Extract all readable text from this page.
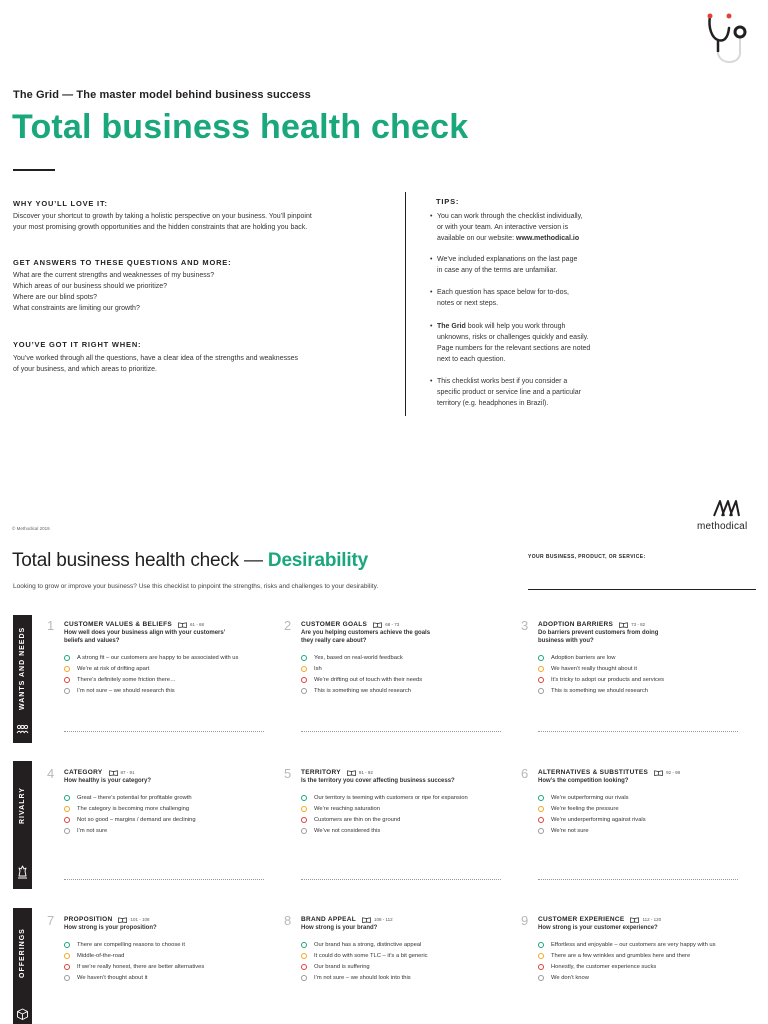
The Grid — The master model behind business success
Total business health check
WHY YOU’LL LOVE IT:
Discover your shortcut to growth by taking a holistic perspective on your business. You’ll pinpoint
your most promising growth opportunities and the hidden constraints that are holding you back.
GET ANSWERS TO THESE QUESTIONS AND MORE:
What are the current strengths and weaknesses of my business?
Which areas of our business should we prioritize?
Where are our blind spots?
What constraints are limiting our growth?
YOU’VE GOT IT RIGHT WHEN:
You’ve worked through all the questions, have a clear idea of the strengths and weaknesses
of your business, and which areas to prioritize.
TIPS:
• You can work through the checklist individually,
or with your team. An interactive version is
available on our website: www.methodical.io
• We’ve included explanations on the last page
in case any of the terms are unfamiliar.
• Each question has space below for to-dos,
notes or next steps.
• The Grid book will help you work through
unknowns, risks or challenges quickly and easily.
Page numbers for the relevant sections are noted
next to each question.
• This checklist works best if you consider a
specific product or service line and a particular
territory (e.g. headphones in Brazil).
© Methodical 2019	methodical
Total business health check — Desirability
Looking to grow or improve your business? Use this checklist to pinpoint the strengths, risks and challenges to your desirability.
YOUR BUSINESS, PRODUCT, OR SERVICE:
WANTS AND NEEDS
RIVALRY
OFFERINGS
1 CUSTOMER VALUES & BELIEFS	61 - 68
How well does your business align with your customers’
beliefs and values?
A strong fit – our customers are happy to be associated with us
We’re at risk of drifting apart
There’s definitely some friction there…
I’m not sure – we should research this
2 CUSTOMER GOALS	68 - 73
Are you helping customers achieve the goals
they really care about?
Yes, based on real-world feedback
Ish
We’re drifting out of touch with their needs
This is something we should research
3 ADOPTION BARRIERS	73 - 82
Do barriers prevent customers from doing
business with you?
Adoption barriers are low
We haven’t really thought about it
It’s tricky to adopt our products and services
This is something we should research
4 CATEGORY	87 - 91
How healthy is your category?
Great – there’s potential for profitable growth
The category is becoming more challenging
Not so good – margins / demand are declining
I’m not sure
5 TERRITORY	91 - 92
Is the territory you cover affecting business success?
Our territory is teeming with customers or ripe for expansion
We’re reaching saturation
Customers are thin on the ground
We’ve not considered this
6 ALTERNATIVES & SUBSTITUTES	92 - 98
How’s the competition looking?
We’re outperforming our rivals
We’re feeling the pressure
We’re underperforming against rivals
We’re not sure
7 PROPOSITION	101 - 108
How strong is your proposition?
There are compelling reasons to choose it
Middle-of-the-road
If we’re really honest, there are better alternatives
We haven’t thought about it
8 BRAND APPEAL	108 - 112
How strong is your brand?
Our brand has a strong, distinctive appeal
It could do with some TLC – it’s a bit generic
Our brand is suffering
I’m not sure – we should look into this
9 CUSTOMER EXPERIENCE	112 - 120
How strong is your customer experience?
Effortless and enjoyable – our customers are very happy with us
There are a few wrinkles and grumbles here and there
Honestly, the customer experience sucks
We don’t know
